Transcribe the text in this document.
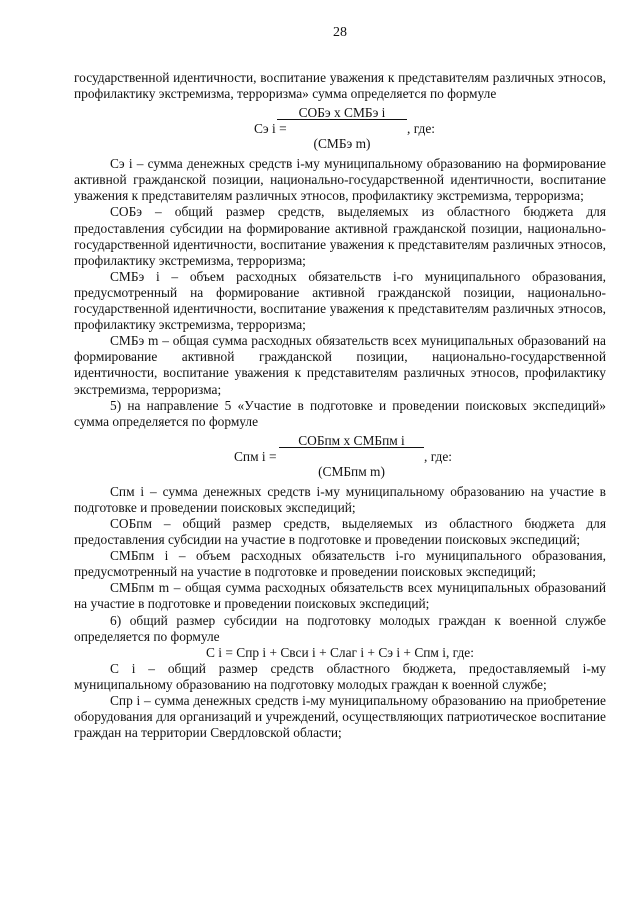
28

государственной идентичности, воспитание уважения к представителям различных этносов, профилактику экстремизма, терроризма» сумма определяется по формуле

Cэ i =
СОБэ х СМБэ i
(СМБэ m)
, где:

Cэ i – сумма денежных средств i-му муниципальному образованию на формирование активной гражданской позиции, национально-государственной идентичности, воспитание уважения к представителям различных этносов, профилактику экстремизма, терроризма;

СОБэ – общий размер средств, выделяемых из областного бюджета для предоставления субсидии на формирование активной гражданской позиции, национально-государственной идентичности, воспитание уважения к представителям различных этносов, профилактику экстремизма, терроризма;

СМБэ i – объем расходных обязательств i-го муниципального образования, предусмотренный на формирование активной гражданской позиции, национально-государственной идентичности, воспитание уважения к представителям различных этносов, профилактику экстремизма, терроризма;

СМБэ m – общая сумма расходных обязательств всех муниципальных образований на формирование активной гражданской позиции, национально-государственной идентичности, воспитание уважения к представителям различных этносов, профилактику экстремизма, терроризма;

5) на направление 5 «Участие в подготовке и проведении поисковых экспедиций» сумма определяется по формуле

Cпм i =
СОБпм х СМБпм i
(СМБпм m)
, где:

Cпм i – сумма денежных средств i-му муниципальному образованию на участие в подготовке и проведении поисковых экспедиций;

СОБпм – общий размер средств, выделяемых из областного бюджета для предоставления субсидии на участие в подготовке и проведении поисковых экспедиций;

СМБпм i – объем расходных обязательств i-го муниципального образования, предусмотренный на участие в подготовке и проведении поисковых экспедиций;

СМБпм m – общая сумма расходных обязательств всех муниципальных образований на участие в подготовке и проведении поисковых экспедиций;

6) общий размер субсидии на подготовку молодых граждан к военной службе определяется по формуле

C i = Cпр i + Cвси i + Cлаг i + Cэ i + Cпм i, где:

C i – общий размер средств областного бюджета, предоставляемый i-му муниципальному образованию на подготовку молодых граждан к военной службе;

Cпр i – сумма денежных средств i-му муниципальному образованию на приобретение оборудования для организаций и учреждений, осуществляющих патриотическое воспитание граждан на территории Свердловской области;
